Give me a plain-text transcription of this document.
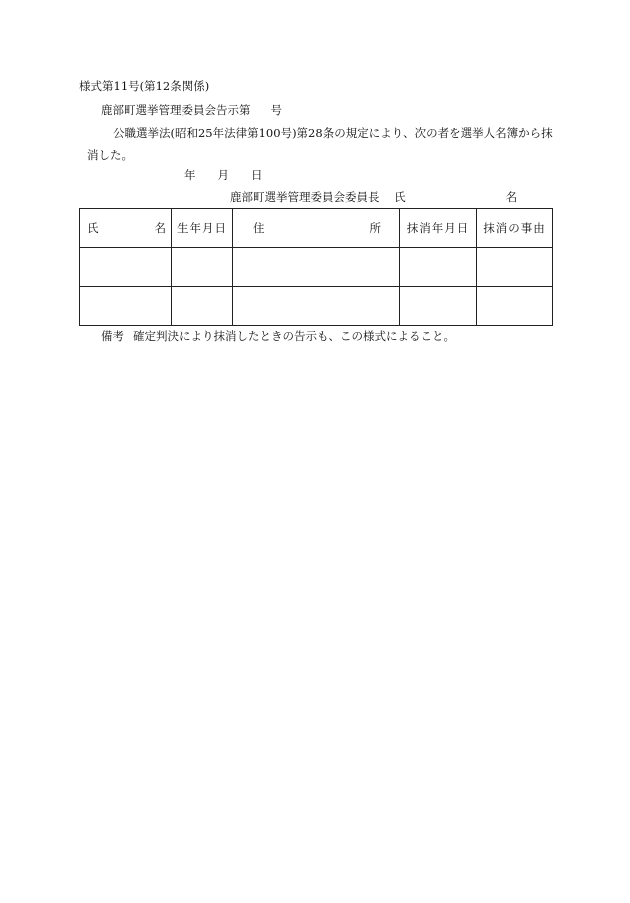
様式第11号(第12条関係)
鹿部町選挙管理委員会告示第 号
公職選挙法(昭和25年法律第100号)第28条の規定により、次の者を選挙人名簿から抹
消した。
年 月 日
鹿部町選挙管理委員会委員長 氏	名
氏 名	生年月日	住 所	抹消年月日	抹消の事由

備考 確定判決により抹消したときの告示も、この様式によること。
